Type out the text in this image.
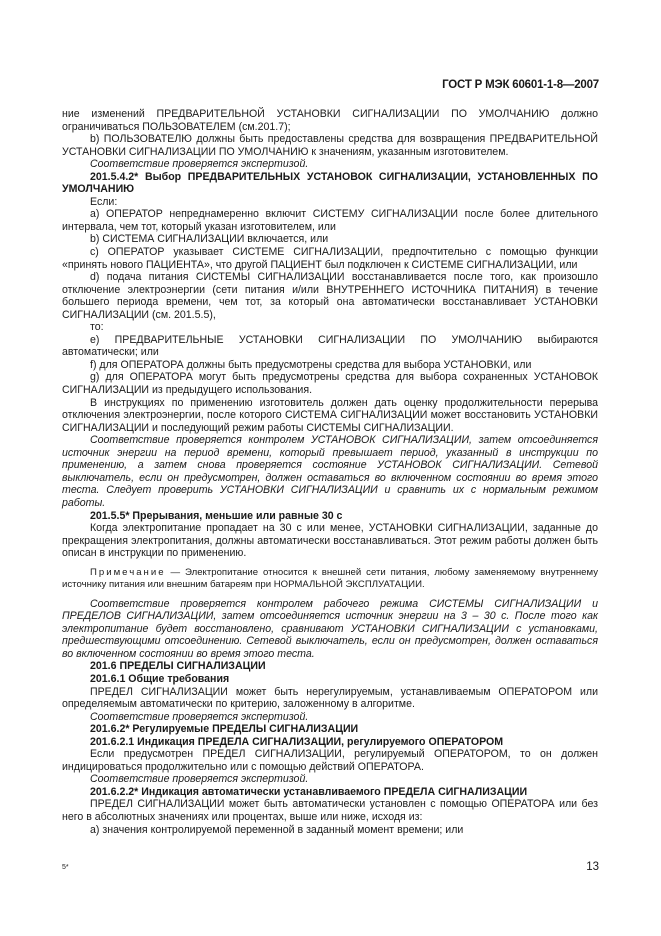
ГОСТ Р МЭК 60601-1-8—2007

ние изменений ПРЕДВАРИТЕЛЬНОЙ УСТАНОВКИ СИГНАЛИЗАЦИИ ПО УМОЛЧАНИЮ должно ограничиваться ПОЛЬЗОВАТЕЛЕМ (см.201.7);

b) ПОЛЬЗОВАТЕЛЮ должны быть предоставлены средства для возвращения ПРЕДВАРИТЕЛЬНОЙ УСТАНОВКИ СИГНАЛИЗАЦИИ ПО УМОЛЧАНИЮ к значениям, указанным изготовителем.

Соответствие проверяется экспертизой.

201.5.4.2* Выбор ПРЕДВАРИТЕЛЬНЫХ УСТАНОВОК СИГНАЛИЗАЦИИ, УСТАНОВЛЕННЫХ ПО УМОЛЧАНИЮ

Если:

a) ОПЕРАТОР непреднамеренно включит СИСТЕМУ СИГНАЛИЗАЦИИ после более длительного интервала, чем тот, который указан изготовителем, или

b) СИСТЕМА СИГНАЛИЗАЦИИ включается, или

c) ОПЕРАТОР указывает СИСТЕМЕ СИГНАЛИЗАЦИИ, предпочтительно с помощью функции «принять нового ПАЦИЕНТА», что другой ПАЦИЕНТ был подключен к СИСТЕМЕ СИГНАЛИЗАЦИИ, или

d) подача питания СИСТЕМЫ СИГНАЛИЗАЦИИ восстанавливается после того, как произошло отключение электроэнергии (сети питания и/или ВНУТРЕННЕГО ИСТОЧНИКА ПИТАНИЯ) в течение большего периода времени, чем тот, за который она автоматически восстанавливает УСТАНОВКИ СИГНАЛИЗАЦИИ (см. 201.5.5),

то:

e) ПРЕДВАРИТЕЛЬНЫЕ УСТАНОВКИ СИГНАЛИЗАЦИИ ПО УМОЛЧАНИЮ выбираются автоматически; или

f) для ОПЕРАТОРА должны быть предусмотрены средства для выбора УСТАНОВКИ, или

g) для ОПЕРАТОРА могут быть предусмотрены средства для выбора сохраненных УСТАНОВОК СИГНАЛИЗАЦИИ из предыдущего использования.

В инструкциях по применению изготовитель должен дать оценку продолжительности перерыва отключения электроэнергии, после которого СИСТЕМА СИГНАЛИЗАЦИИ может восстановить УСТАНОВКИ СИГНАЛИЗАЦИИ и последующий режим работы СИСТЕМЫ СИГНАЛИЗАЦИИ.

Соответствие проверяется контролем УСТАНОВОК СИГНАЛИЗАЦИИ, затем отсоединяется источник энергии на период времени, который превышает период, указанный в инструкции по применению, а затем снова проверяется состояние УСТАНОВОК СИГНАЛИЗАЦИИ. Сетевой выключатель, если он предусмотрен, должен оставаться во включенном состоянии во время этого теста. Следует проверить УСТАНОВКИ СИГНАЛИЗАЦИИ и сравнить их с нормальным режимом работы.

201.5.5* Прерывания, меньшие или равные 30 с

Когда электропитание пропадает на 30 с или менее, УСТАНОВКИ СИГНАЛИЗАЦИИ, заданные до прекращения электропитания, должны автоматически восстанавливаться. Этот режим работы должен быть описан в инструкции по применению.

Примечание — Электропитание относится к внешней сети питания, любому заменяемому внутреннему источнику питания или внешним батареям при НОРМАЛЬНОЙ ЭКСПЛУАТАЦИИ.

Соответствие проверяется контролем рабочего режима СИСТЕМЫ СИГНАЛИЗАЦИИ и ПРЕДЕЛОВ СИГНАЛИЗАЦИИ, затем отсоединяется источник энергии на 3 – 30 с. После того как электропитание будет восстановлено, сравнивают УСТАНОВКИ СИГНАЛИЗАЦИИ с установками, предшествующими отсоединению. Сетевой выключатель, если он предусмотрен, должен оставаться во включенном состоянии во время этого теста.

201.6 ПРЕДЕЛЫ СИГНАЛИЗАЦИИ

201.6.1 Общие требования

ПРЕДЕЛ СИГНАЛИЗАЦИИ может быть нерегулируемым, устанавливаемым ОПЕРАТОРОМ или определяемым автоматически по критерию, заложенному в алгоритме.

Соответствие проверяется экспертизой.

201.6.2* Регулируемые ПРЕДЕЛЫ СИГНАЛИЗАЦИИ

201.6.2.1 Индикация ПРЕДЕЛА СИГНАЛИЗАЦИИ, регулируемого ОПЕРАТОРОМ

Если предусмотрен ПРЕДЕЛ СИГНАЛИЗАЦИИ, регулируемый ОПЕРАТОРОМ, то он должен индицироваться продолжительно или с помощью действий ОПЕРАТОРА.

Соответствие проверяется экспертизой.

201.6.2.2* Индикация автоматически устанавливаемого ПРЕДЕЛА СИГНАЛИЗАЦИИ

ПРЕДЕЛ СИГНАЛИЗАЦИИ может быть автоматически установлен с помощью ОПЕРАТОРА или без него в абсолютных значениях или процентах, выше или ниже, исходя из:

a) значения контролируемой переменной в заданный момент времени; или

5*	13
